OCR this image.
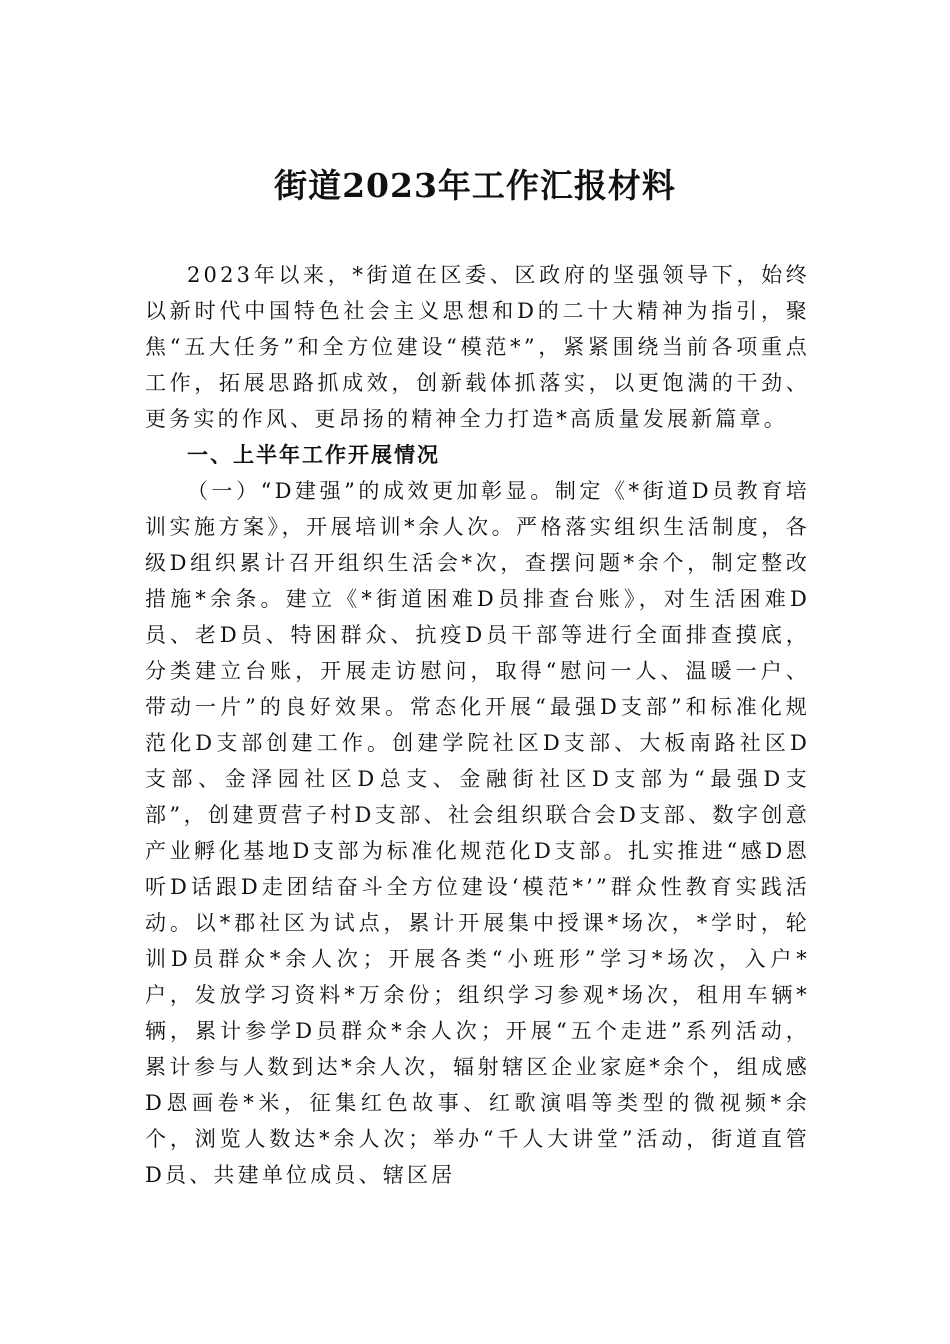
街道2023年工作汇报材料

2023年以来，*街道在区委、区政府的坚强领导下，始终以新时代中国特色社会主义思想和D的二十大精神为指引，聚焦“五大任务”和全方位建设“模范*”，紧紧围绕当前各项重点工作，拓展思路抓成效，创新载体抓落实，以更饱满的干劲、更务实的作风、更昂扬的精神全力打造*高质量发展新篇章。

一、上半年工作开展情况

（一）“D建强”的成效更加彰显。制定《*街道D员教育培训实施方案》，开展培训*余人次。严格落实组织生活制度，各级D组织累计召开组织生活会*次，查摆问题*余个，制定整改措施*余条。建立《*街道困难D员排查台账》，对生活困难D员、老D员、特困群众、抗疫D员干部等进行全面排查摸底，分类建立台账，开展走访慰问，取得“慰问一人、温暖一户、带动一片”的良好效果。常态化开展“最强D支部”和标准化规范化D支部创建工作。创建学院社区D支部、大板南路社区D支部、金泽园社区D总支、金融街社区D支部为“最强D支部”，创建贾营子村D支部、社会组织联合会D支部、数字创意产业孵化基地D支部为标准化规范化D支部。扎实推进“感D恩听D话跟D走团结奋斗全方位建设‘模范*’”群众性教育实践活动。以*郡社区为试点，累计开展集中授课*场次，*学时，轮训D员群众*余人次；开展各类“小班形”学习*场次，入户*户，发放学习资料*万余份；组织学习参观*场次，租用车辆*辆，累计参学D员群众*余人次；开展“五个走进”系列活动，累计参与人数到达*余人次，辐射辖区企业家庭*余个，组成感D恩画卷*米，征集红色故事、红歌演唱等类型的微视频*余个，浏览人数达*余人次；举办“千人大讲堂”活动，街道直管D员、共建单位成员、辖区居
